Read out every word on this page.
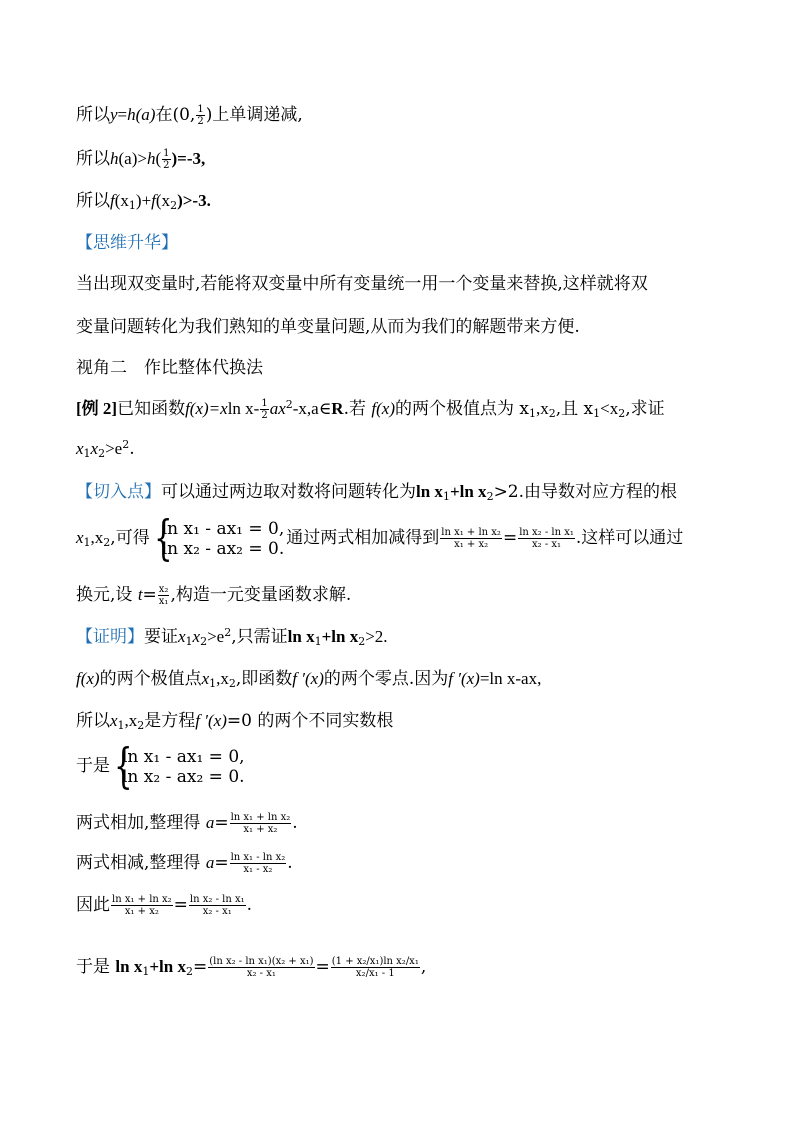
所以y=h(a)在(0, $\frac{1}{2}$ )上单调递减,
所以$h(a)>h( \frac{1}{2} )=-3$,
所以$f(x_1)+f(x_2)>-3$.
【思维升华】
当出现双变量时,若能将双变量中所有变量统一用一个变量来替换,这样就将双
变量问题转化为我们熟知的单变量问题,从而为我们的解题带来方便.
视角二　作比整体代换法
[例 2]已知函数f(x)=xln $x- \frac{1}{2}$ $ax^2-x,a\in R$.若 f(x)的两个极值点为 $x_1,x_2$,且 $x_1<x_2$,求证
$x_1x_2>e^2$.
【切入点】可以通过两边取对数将问题转化为$\ln x_1+\ln$ $x_2>2$.由导数对应方程的根
$x_1,x_2$,可得 {
ln x₁ - ax₁ = 0,
ln x₂ - ax₂ = 0.
通过两式相加减得到 $\frac{\text{ln x₁ + ln x₂}}{\text{x₁ + x₂}} = \frac{\text{ln x₂ - ln x₁}}{\text{x₂ - x₁}}$ .这样可以通过
换元,设 $t= \frac{\text{x₂}}{\text{x₁}}$ ,构造一元变量函数求解.
【证明】要证$x_1x_2>e^2$,只需证$\ln x_1+\ln$ $x_2>2$.
f(x)的两个极值点$x_1,x_2$,即函数f ′(x)的两个零点.因为f ′(x)=ln x-ax,
所以$x_1,x_2$是方程f ′(x)=0 的两个不同实数根
于是 {
ln x₁ - ax₁ = 0,
ln x₂ - ax₂ = 0.
两式相加,整理得 $a= \frac{\text{ln x₁ + ln x₂}}{\text{x₁ + x₂}}$ .
两式相减,整理得 $a= \frac{\text{ln x₁ - ln x₂}}{\text{x₁ - x₂}}$ .
因此 $\frac{\text{ln x₁ + ln x₂}}{\text{x₁ + x₂}} = \frac{\text{ln x₂ - ln x₁}}{\text{x₂ - x₁}}$ .
于是 $\ln x_1+\ln$ $x_2= \frac{\text{(ln x₂ - ln x₁)(x₂ + x₁)}}{\text{x₂ - x₁}} = \frac{\text{(1 + x₂/x₁)ln x₂/x₁}}{\text{x₂/x₁ - 1}}$ ,
